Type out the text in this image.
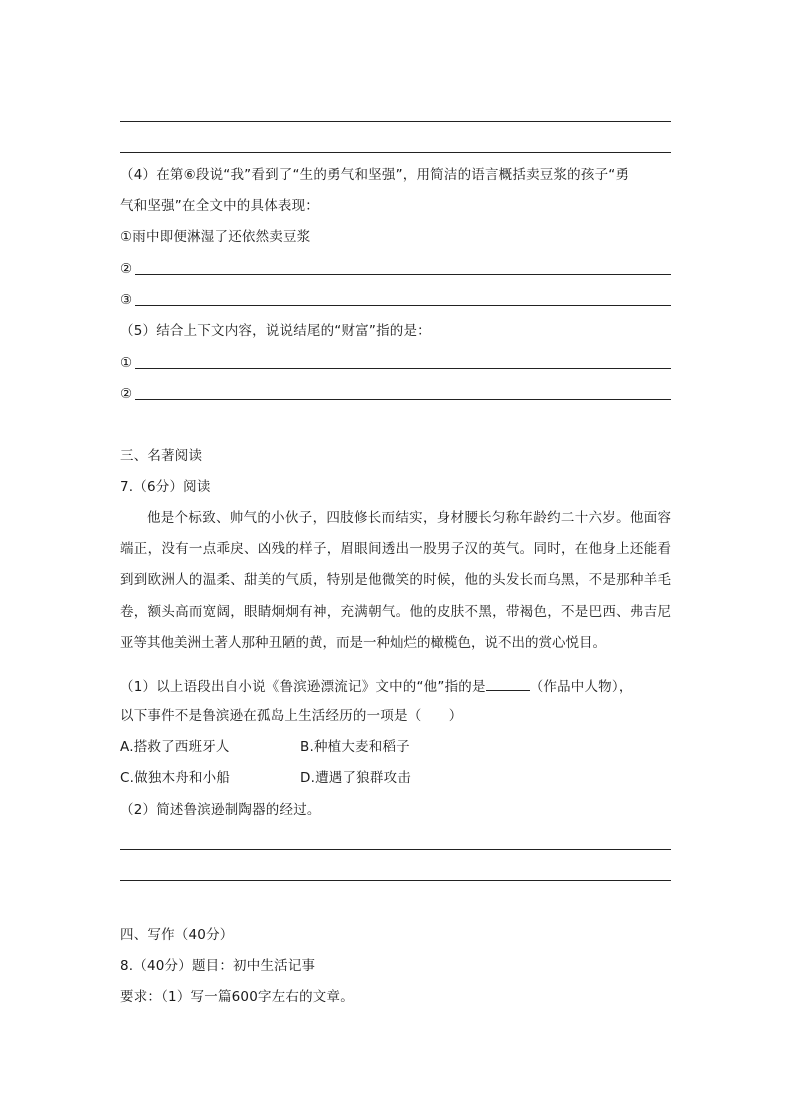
（4）在第⑥段说“我”看到了“生的勇气和坚强”，用简洁的语言概括卖豆浆的孩子“勇
气和坚强”在全文中的具体表现：
①雨中即便淋湿了还依然卖豆浆
②
③
（5）结合上下文内容，说说结尾的“财富”指的是：
①
②
三、名著阅读
7.（6分）阅读
他是个标致、帅气的小伙子，四肢修长而结实，身材腰长匀称年龄约二十六岁。他面容端正，没有一点乖戾、凶残的样子，眉眼间透出一股男子汉的英气。同时，在他身上还能看到到欧洲人的温柔、甜美的气质，特别是他微笑的时候，他的头发长而乌黑，不是那种羊毛卷，额头高而宽阔，眼睛炯炯有神，充满朝气。他的皮肤不黑，带褐色，不是巴西、弗吉尼亚等其他美洲土著人那种丑陋的黄，而是一种灿烂的橄榄色，说不出的赏心悦目。
（1）以上语段出自小说《鲁滨逊漂流记》文中的“他”指的是	（作品中人物），
以下事件不是鲁滨逊在孤岛上生活经历的一项是（　　）
A.搭救了西班牙人	B.种植大麦和稻子
C.做独木舟和小船	D.遭遇了狼群攻击
（2）简述鲁滨逊制陶器的经过。
四、写作（40分）
8.（40分）题目：初中生活记事
要求：（1）写一篇600字左右的文章。
